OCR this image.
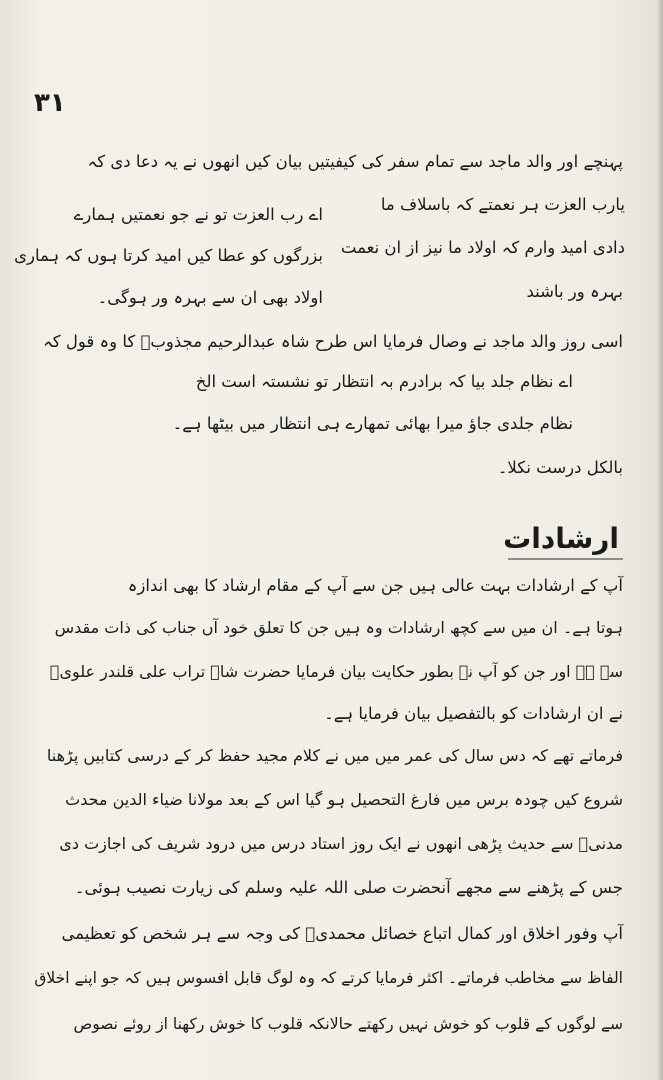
۳۱
پہنچے اور والد ماجد سے تمام سفر کی کیفیتیں بیان کیں انھوں نے یہ دعا دی کہ
یارب العزت ہر نعمتے کہ باسلاف ما
دادی امید وارم کہ اولاد ما نیز از ان نعمت
بہرہ ور باشند
اے رب العزت تو نے جو نعمتیں ہمارے
بزرگوں کو عطا کیں امید کرتا ہوں کہ ہماری
اولاد بھی ان سے بہرہ ور ہوگی۔
اسی روز والد ماجد نے وصال فرمایا اس طرح شاہ عبدالرحیم مجذوبؒ کا وہ قول کہ
اے نظام جلد بیا کہ برادرم بہ انتظار تو نشستہ است الخ
نظام جلدی جاؤ میرا بھائی تمھارے ہی انتظار میں بیٹھا ہے۔
بالکل درست نکلا۔
ارشادات
آپ کے ارشادات بہت عالی ہیں جن سے آپ کے مقام ارشاد کا بھی اندازہ
ہوتا ہے۔ ان میں سے کچھ ارشادات وہ ہیں جن کا تعلق خود آں جناب کی ذات مقدس
سے ہے اور جن کو آپ نے بطور حکایت بیان فرمایا حضرت شاہ تراب علی قلندر علویؒ
نے ان ارشادات کو بالتفصیل بیان فرمایا ہے۔
فرماتے تھے کہ دس سال کی عمر میں میں نے کلام مجید حفظ کر کے درسی کتابیں پڑھنا
شروع کیں چودہ برس میں فارغ التحصیل ہو گیا اس کے بعد مولانا ضیاء الدین محدث
مدنیؒ سے حدیث پڑھی انھوں نے ایک روز استاد درس میں درود شریف کی اجازت دی
جس کے پڑھنے سے مجھے آنحضرت صلی اللہ علیہ وسلم کی زیارت نصیب ہوئی۔
آپ وفور اخلاق اور کمال اتباع خصائل محمدیؐ کی وجہ سے ہر شخص کو تعظیمی
الفاظ سے مخاطب فرماتے۔ اکثر فرمایا کرتے کہ وہ لوگ قابل افسوس ہیں کہ جو اپنے اخلاق
سے لوگوں کے قلوب کو خوش نہیں رکھتے حالانکہ قلوب کا خوش رکھنا از روئے نصوص
